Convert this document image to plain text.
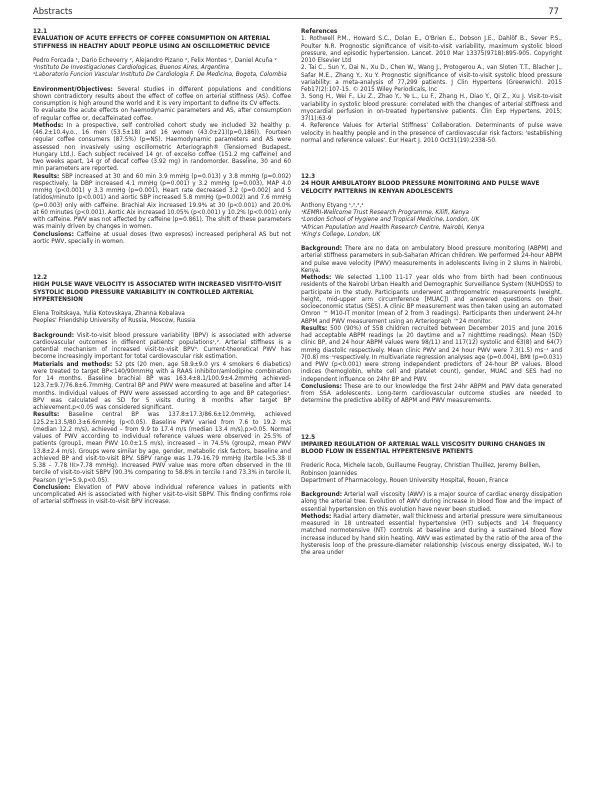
Abstracts	77
12.1
EVALUATION OF ACUTE EFFECTS OF COFFEE CONSUMPTION ON ARTERIAL STIFFNESS IN HEALTHY ADULT PEOPLE USING AN OSCILLOMETRIC DEVICE
Pedro Forcada ¹, Dario Echeverry ², Alejandro Pizano ², Felix Montes ², Daniel Acuña ²
¹Instituto De Investigaciones Cardiologicas, Buenos Aires, Argentina
²Laboratorio Funcion Vascular Instituto De Cardiologia F. De Medicina, Bogota, Colombia

Environment/Objectives: Several studies in different populations and conditions shown contradictory results about the effect of coffee on arterial stiffness (AS). Coffee consumption is high around the world and it is very important to define its CV effects.

To evaluate the acute effects on haemodynamic parameters and AS, after consumption of regular coffee or, decaffeinated coffee.

Methods: In a prospective, self controlled cohort study we included 32 healthy p. (46.2±10.4y.o., 16 men (53.5±18) and 16 women (43.0±21)(p=0,186)). Fourteen regular coffee consumers (87.5%) (p=NS). Haemodynamic parameters and AS were assessed non invasively using oscillometric Arteriograph® (Tensiomed Budapest, Hungary Ltd.). Each subject received 14 gr. of excelso coffee (151.2 mg caffeine) and two weeks apart, 14 gr of decaf coffee (3.92 mg) in randomorder. Baseline, 30 and 60 min parameters are reported.

Results: SBP increased at 30 and 60 min 3.9 mmHg (p=0.013) y 3.8 mmHg (p=0.002) respectively, la DBP increased 4.1 mmHg (p=0.001) y 3.2 mmHg (p=0.003), MAP 4.0 mmHg (p<0.001) y 3.3 mmHg (p=0.001), Heart rate decreased 3.2 (p=0.002) and 5 latidos/minuto (p<0.001) and aortic SBP increased 5.8 mmHg (p=0.002) and 7.6 mmHg (p=0.003) only with caffeine. Brachial Aix increased 19.9% at 30 (p<0.001) and 20.0% at 60 minutes (p<0.001). Aortic Aix increased 10.05% (p<0.001) y 10.2% (p<0.001) only with caffeine. PWV was not affected by caffeine (p=0.861). The shift of these parameters was mainly driven by changes in women.

Conclusions: Caffeine at usual doses (two expresos) increased peripheral AS but not aortic PWV, specially in women.

12.2
HIGH PULSE WAVE VELOCITY IS ASSOCIATED WITH INCREASED VISIT-TO-VISIT SYSTOLIC BLOOD PRESSURE VARIABILITY IN CONTROLLED ARTERIAL HYPERTENSION
Elena Troitskaya, Yulia Kotovskaya, Zhanna Kobalava
Peoples' Friendship University of Russia, Moscow, Russia

Background: Visit-to-visit blood pressure variability (BPV) is associated with adverse cardiovascular outcomes in different patients' populations¹,². Arterial stiffness is a potential mechanism of increased visit-to-visit BPV³. Current-theoretical PWV has become increasingly important for total cardiovascular risk estimation.

Materials and methods: 52 pts (20 men, age 58.9±9.0 yrs 4 smokers 6 diabetics) were treated to target BP<140/90mmHg with a RAAS inhibitor/amlodipine combination for 14 months. Baseline brachial BP was 163.4±8.1/100.9±4.2mmHg achieved-123.7±9.7/76.8±6.7mmHg. Central BP and PWV were measured at baseline and after 14 months. Individual values of PWV were assessed according to age and BP categories⁴. BPV was calculated as SD for 5 visits during 8 months after target BP achievement.p<0.05 was considered significant.

Results: Baseline central BP was 137.8±17.3/86.6±12.0mmHg, achieved 125.2±13.5/80.3±6.6mmHg (p<0.05). Baseline PWV varied from 7.6 to 19.2 m/s (median 12.2 m/s), achieved – from 9.9 to 17.4 m/s (median 13.4 m/s),p>0.05. Normal values of PWV according to individual reference values were observed in 25.5% of patients (group1, mean PWV 10.0±1.5 m/s), increased – in 74.5% (group2, mean PWV 13.8±2.4 m/s). Groups were similar by age, gender, metabolic risk factors, baseline and achieved BP and visit-to-visit BPV. SBPV range was 1.79-16.79 mmHg (tertile I<5.38 II 5.38 – 7.78 III>7.78 mmHg). Increased PWV value was more often observed in the III tercile of visit-to-visit SBPV (90.3% comparing to 58.8% in tercile I and 73.3% in tercile II, Pearson (χ²)=5.9,p<0.05).

Conclusion: Elevation of PWV above individual reference values in patients with uncomplicated AH is associated with higher visit-to-visit SBPV. This finding confirms role of arterial stiffness in visit-to-visit BPV increase.

References

1. Rothwell P.M., Howard S.C., Dolan E., O'Brien E., Dobson J.E., Dahlöf B., Sever P.S., Poulter N.R. Prognostic significance of visit-to-visit variability, maximum systolic blood pressure, and episodic hypertension. Lancet. 2010 Mar 13375(9718):895-905. Copyright 2010 Elsevier Ltd

2. Tai C., Sun Y., Dai N., Xu D., Chen W., Wang J., Protogerou A., van Sloten T.T., Blacher J., Safar M.E., Zhang Y., Xu Y. Prognostic significance of visit-to-visit systolic blood pressure variability: a meta-analysis of 77,299 patients. J Clin Hypertens (Greenwich). 2015 Feb17(2):107-15. © 2015 Wiley Periodicals, Inc

3. Song H., Wei F., Liu Z., Zhao Y., Ye L., Lu F., Zhang H., Diao Y., Qi Z., Xu J. Visit-to-visit variability in systolic blood pressure: correlated with the changes of arterial stiffness and myocardial perfusion in on-treated hypertensive patients. Clin Exp Hypertens. 2015; 37(1):63-9

4. Reference Values for Arterial Stiffness' Collaboration. Determinants of pulse wave velocity in healthy people and in the presence of cardiovascular risk factors: 'establishing normal and reference values'. Eur Heart J. 2010 Oct31(19):2338-50.

12.3
24 HOUR AMBULATORY BLOOD PRESSURE MONITORING AND PULSE WAVE VELOCITY PATTERNS IN KENYAN ADOLESCENTS
Anthony Etyang ¹,²,³,⁴
¹KEMRI-Wellcome Trust Research Programme, Kilifi, Kenya
²London School of Hygiene and Tropical Medicine, London, UK
³African Population and Health Research Centre, Nairobi, Kenya
⁴King's College, London, UK

Background: There are no data on ambulatory blood pressure monitoring (ABPM) and arterial stiffness parameters in sub-Saharan African children. We performed 24-hour ABPM and pulse wave velocity (PWV) measurements in adolescents living in 2 slums in Nairobi, Kenya.

Methods: We selected 1,100 11-17 year olds who from birth had been continuous residents of the Nairobi Urban Health and Demographic Surveillance System (NUHDSS) to participate in the study. Participants underwent anthropometric measurements (weight, height, mid-upper arm circumference [MUAC]) and answered questions on their socioeconomic status (SES). A clinic BP measurement was then taken using an automated Omron ™ M10-IT monitor (mean of 2 from 3 readings). Participants then underwent 24-hr ABPM and PWV measurement using an Arteriograph ™24 monitor.

Results: 500 (90%) of 558 children recruited between December 2015 and June 2016 had acceptable ABPM readings (≥ 20 daytime and ≥7 nighttime readings). Mean (SD) clinic BP, and 24 hour ABPM values were 98/11) and 117(12) systolic and 63(8) and 64(7) mmHg diastolic respectively. Mean clinic PWV and 24 hour PWV were 7.3(1.5) ms⁻¹ and 7(0.8) ms⁻¹respectively. In multivariate regression analyses age (p=0.004), BMI (p=0.031) and PWV (p<0.001) were strong independent predictors of 24-hour BP values. Blood indices (hemoglobin, white cell and platelet count), gender, MUAC and SES had no independent influence on 24hr BP and PWV.

Conclusions: These are to our knowledge the first 24hr ABPM and PWV data generated from SSA adolescents. Long-term cardiovascular outcome studies are needed to determine the predictive ability of ABPM and PWV measurements.

12.5
IMPAIRED REGULATION OF ARTERIAL WALL VISCOSITY DURING CHANGES IN BLOOD FLOW IN ESSENTIAL HYPERTENSIVE PATIENTS
Frederic Roca, Michele Iacob, Guillaume Feugray, Christian Thuillez, Jeremy Bellien, Robinson Joannides
Department of Pharmacology, Rouen University Hospital, Rouen, France

Background: Arterial wall viscosity (AWV) is a major source of cardiac energy dissipation along the arterial tree. Evolution of AWV during increase in blood flow and the impact of essential hypertension on this evolution have never been studied.

Methods: Radial artery diameter, wall thickness and arterial pressure were simultaneous measured in 18 untreated essential hypertensive (HT) subjects and 14 frequency matched normotensive (NT) controls at baseline and during a sustained blood flow increase induced by hand skin heating. AWV was estimated by the ratio of the area of the hysteresis loop of the pressure-diameter relationship (viscous energy dissipated, Wᵥ) to the area under
